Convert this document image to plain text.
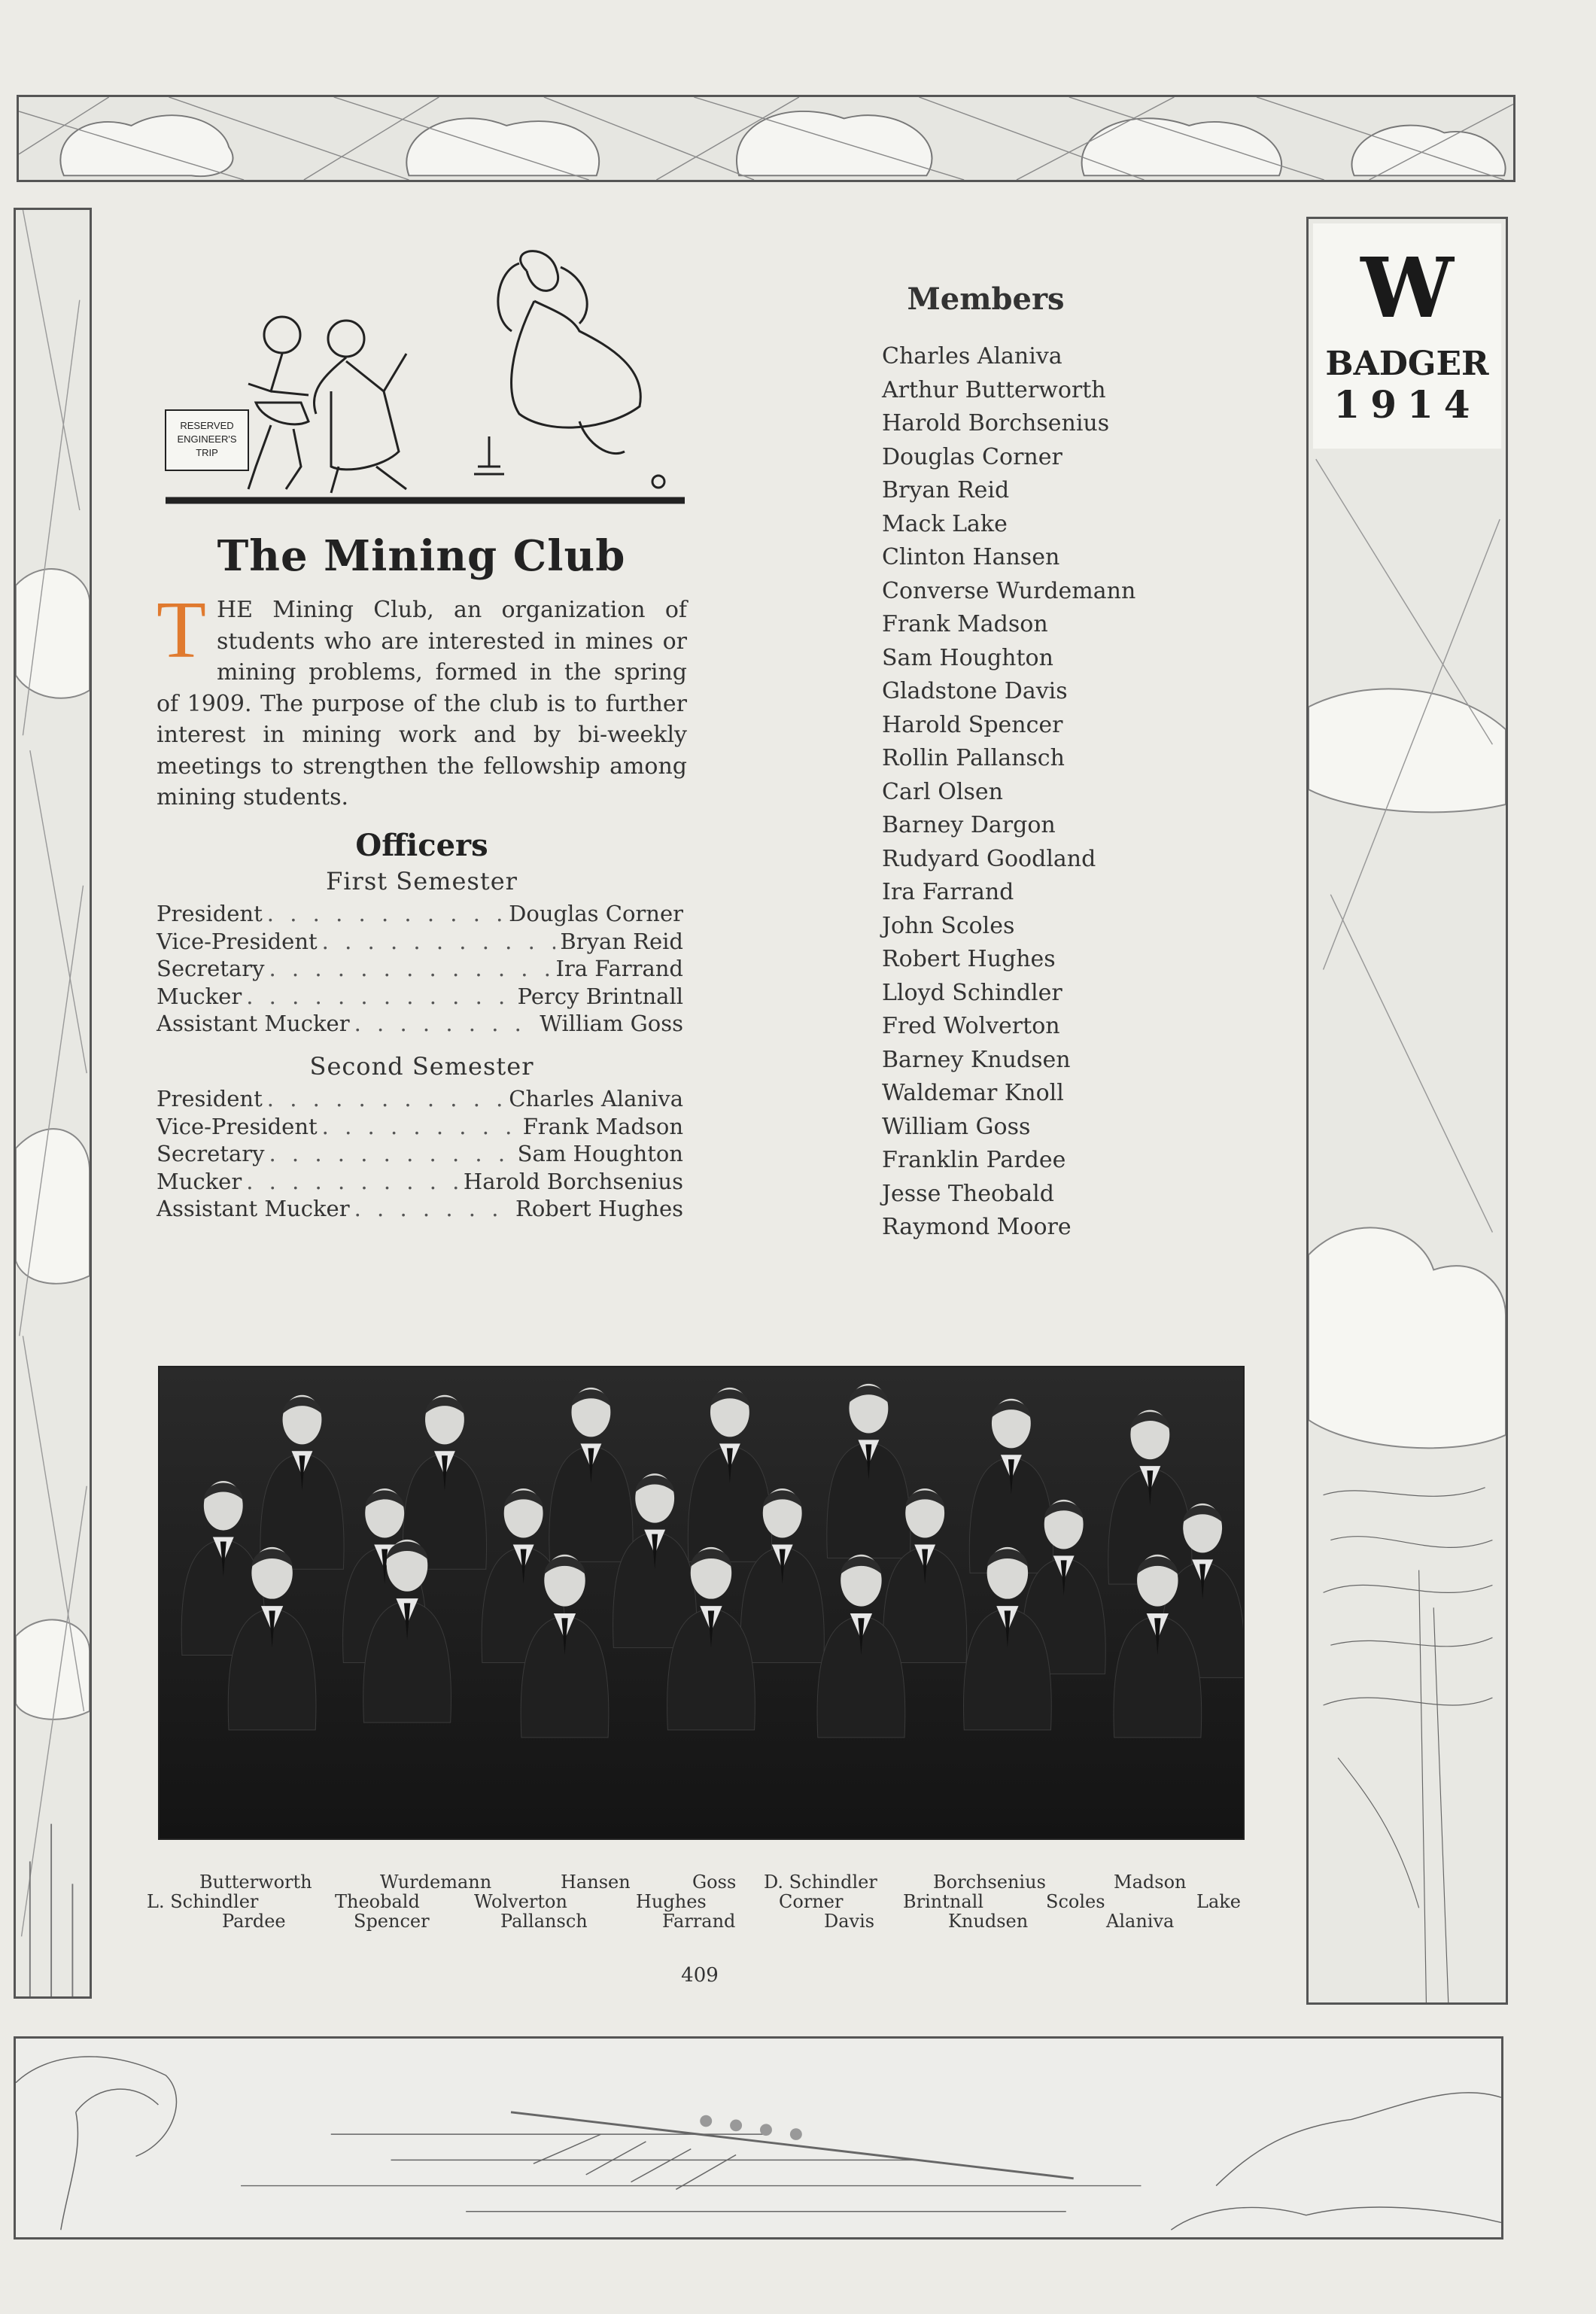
RESERVED
ENGINEER'S
TRIP
The Mining Club
T HE Mining Club, an organization of students who are interested in mines or mining problems, formed in the spring of 1909. The purpose of the club is to further interest in mining work and by bi-weekly meetings to strengthen the fellowship among mining students.
Officers
First Semester
President . . .	Douglas Corner
Vice-President . . .	Bryan Reid
Secretary . . .	Ira Farrand
Mucker . . .	Percy Brintnall
Assistant Mucker . . .	William Goss
Second Semester
President . . .	Charles Alaniva
Vice-President . . .	Frank Madson
Secretary . . .	Sam Houghton
Mucker . . .	Harold Borchsenius
Assistant Mucker . . .	Robert Hughes
Members
Charles Alaniva
Arthur Butterworth
Harold Borchsenius
Douglas Corner
Bryan Reid
Mack Lake
Clinton Hansen
Converse Wurdemann
Frank Madson
Sam Houghton
Gladstone Davis
Harold Spencer
Rollin Pallansch
Carl Olsen
Barney Dargon
Rudyard Goodland
Ira Farrand
John Scoles
Robert Hughes
Lloyd Schindler
Fred Wolverton
Barney Knudsen
Waldemar Knoll
William Goss
Franklin Pardee
Jesse Theobald
Raymond Moore
W
BADGER
1914
Butterworth	Wurdemann	Hansen	Goss D. Schindler	Borchsenius	Madson
L. Schindler	Theobald	Wolverton	Hughes	Corner	Brintnall	Scoles	Lake
Pardee	Spencer	Pallansch	Farrand	Davis	Knudsen	Alaniva
409
